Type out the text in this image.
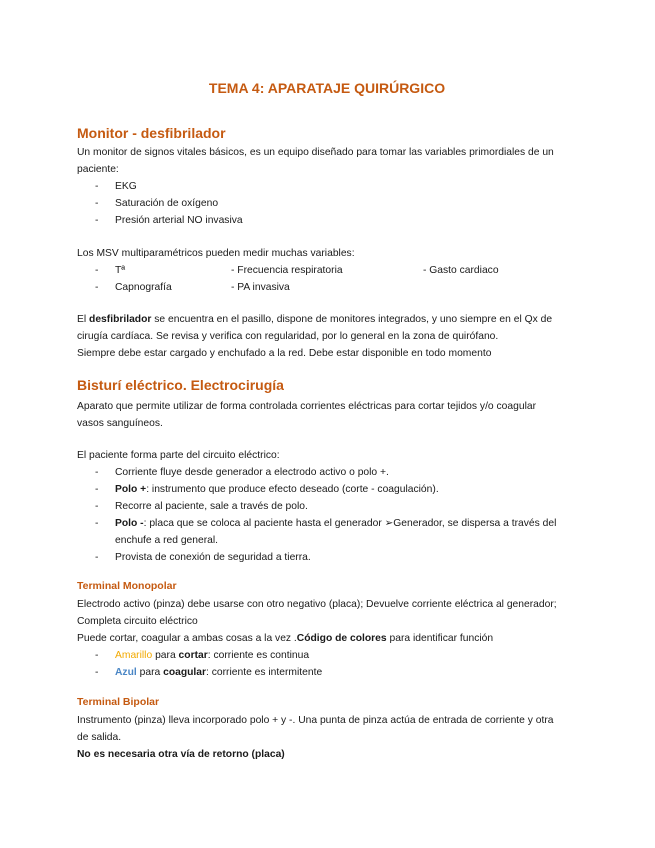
TEMA 4: APARATAJE QUIRÚRGICO
Monitor - desfibrilador
Un monitor de signos vitales básicos, es un equipo diseñado para tomar las variables primordiales de un
paciente:
- EKG
- Saturación de oxígeno
- Presión arterial NO invasiva
Los MSV multiparamétricos pueden medir muchas variables:
- Tª	- Frecuencia respiratoria	- Gasto cardiaco
- Capnografía	- PA invasiva
El desfibrilador se encuentra en el pasillo, dispone de monitores integrados, y uno siempre en el Qx de
cirugía cardíaca. Se revisa y verifica con regularidad, por lo general en la zona de quirófano.
Siempre debe estar cargado y enchufado a la red. Debe estar disponible en todo momento
Bisturí eléctrico. Electrocirugía
Aparato que permite utilizar de forma controlada corrientes eléctricas para cortar tejidos y/o coagular
vasos sanguíneos.
El paciente forma parte del circuito eléctrico:
- Corriente fluye desde generador a electrodo activo o polo +.
- Polo +: instrumento que produce efecto deseado (corte - coagulación).
- Recorre al paciente, sale a través de polo.
- Polo -: placa que se coloca al paciente hasta el generador ➢Generador, se dispersa a través del
enchufe a red general.
- Provista de conexión de seguridad a tierra.
Terminal Monopolar
Electrodo activo (pinza) debe usarse con otro negativo (placa); Devuelve corriente eléctrica al generador;
Completa circuito eléctrico
Puede cortar, coagular a ambas cosas a la vez .Código de colores para identificar función
- Amarillo para cortar: corriente es continua
- Azul para coagular: corriente es intermitente
Terminal Bipolar
Instrumento (pinza) lleva incorporado polo + y -. Una punta de pinza actúa de entrada de corriente y otra
de salida.
No es necesaria otra vía de retorno (placa)
